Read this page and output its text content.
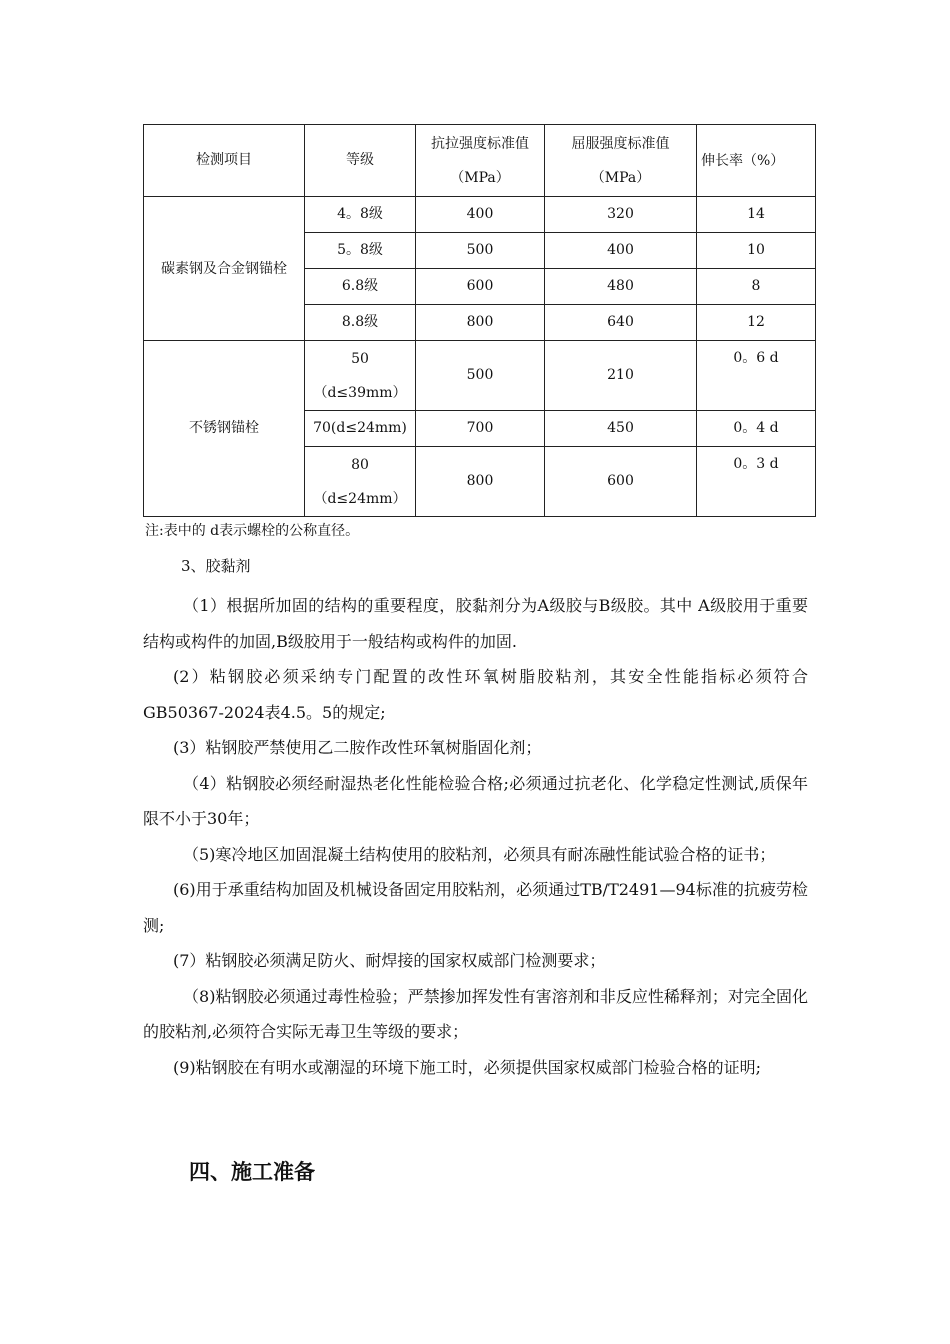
检测项目	等级	抗拉强度标准值（MPa）	屈服强度标准值（MPa）	伸长率（%）
碳素钢及合金钢锚栓	4。8级	400	320	14
	5。8级	500	400	10
	6.8级	600	480	8
	8.8级	800	640	12
不锈钢锚栓	50（d≤39mm）	500	210	0。6 d
	70(d≤24mm)	700	450	0。4 d
	80（d≤24mm）	800	600	0。3 d
注:表中的 d表示螺栓的公称直径。
3、胶黏剂

（1）根据所加固的结构的重要程度，胶黏剂分为A级胶与B级胶。其中 A级胶用于重要结构或构件的加固,B级胶用于一般结构或构件的加固.

(2）粘钢胶必须采纳专门配置的改性环氧树脂胶粘剂，其安全性能指标必须符合GB50367-2024表4.5。5的规定;

(3）粘钢胶严禁使用乙二胺作改性环氧树脂固化剂；

（4）粘钢胶必须经耐湿热老化性能检验合格;必须通过抗老化、化学稳定性测试,质保年限不小于30年；

（5)寒冷地区加固混凝土结构使用的胶粘剂，必须具有耐冻融性能试验合格的证书；

(6)用于承重结构加固及机械设备固定用胶粘剂，必须通过TB/T2491—94标准的抗疲劳检测;

(7）粘钢胶必须满足防火、耐焊接的国家权威部门检测要求；

（8)粘钢胶必须通过毒性检验；严禁掺加挥发性有害溶剂和非反应性稀释剂；对完全固化的胶粘剂,必须符合实际无毒卫生等级的要求；

(9)粘钢胶在有明水或潮湿的环境下施工时，必须提供国家权威部门检验合格的证明;

四、施工准备
